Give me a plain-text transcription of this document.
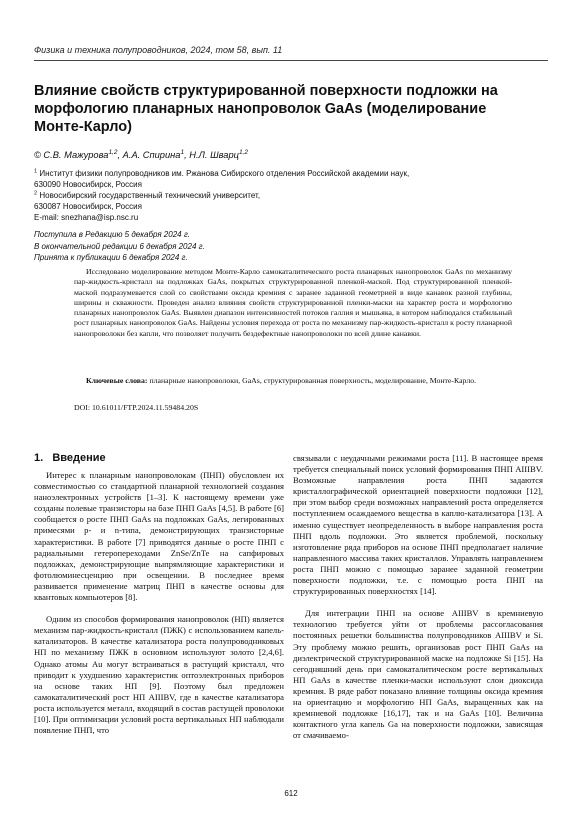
Физика и техника полупроводников, 2024, том 58, вып. 11
Влияние свойств структурированной поверхности подложки на морфологию планарных нанопроволок GaAs (моделирование Монте-Карло)
© С.В. Мажурова$^{1,2}$, А.А. Спирина$^1$, Н.Л. Шварц$^{1,2}$
$^1$ Институт физики полупроводников им. Ржанова Сибирского отделения Российской академии наук,
630090 Новосибирск, Россия
$^2$ Новосибирский государственный технический университет,
630087 Новосибирск, Россия
E-mail: snezhana@isp.nsc.ru
Поступила в Редакцию 5 декабря 2024 г.
В окончательной редакции 6 декабря 2024 г.
Принята к публикации 6 декабря 2024 г.
Исследовано моделирование методом Монте-Карло самокаталитического роста планарных нанопроволок GaAs по механизму пар-жидкость-кристалл на подложках GaAs, покрытых структурированной пленкой-маской. Под структурированной пленкой-маской подразумевается слой со свойствами оксида кремния с заранее заданной геометрией в виде канавок разной глубины, ширины и скважности. Проведен анализ влияния свойств структурированной пленки-маски на характер роста и морфологию планарных нанопроволок GaAs. Выявлен диапазон интенсивностей потоков галлия и мышьяка, в котором наблюдался стабильный рост планарных нанопроволок GaAs. Найдены условия перехода от роста по механизму пар-жидкость-кристалл к росту планарной нанопроволоки без капли, что позволяет получить бездефектные нанопроволоки по всей длине канавки.
Ключевые слова: планарные нанопроволоки, GaAs, структурированная поверхность, моделирование, Монте-Карло.
DOI: 10.61011/FTP.2024.11.59484.20S
1. Введение

Интерес к планарным нанопроволокам (ПНП) обусловлен их совместимостью со стандартной планарной технологией создания наноэлектронных устройств [1–3]. К настоящему времени уже созданы полевые транзисторы на базе ПНП GaAs [4,5]. В работе [6] сообщается о росте ПНП GaAs на подложках GaAs, легированных примесями p- и n-типа, демонстрирующих транзисторные характеристики. В работе [7] приводятся данные о росте ПНП с радиальными гетеропереходами ZnSe/ZnTe на сапфировых подложках, демонстрирующие выпрямляющие характеристики и фотолюминесценцию при освещении. В последнее время развивается применение матриц ПНП в качестве основы для квантовых компьютеров [8].

Одним из способов формирования нанопроволок (НП) является механизм пар-жидкость-кристалл (ПЖК) с использованием капель-катализаторов. В качестве катализатора роста полупроводниковых НП по механизму ПЖК в основном используют золото [2,4,6]. Однако атомы Au могут встраиваться в растущий кристалл, что приводит к ухудшению характеристик оптоэлектронных приборов на основе таких НП [9]. Поэтому был предложен самокаталитический рост НП AIIIBV, где в качестве катализатора роста используется металл, входящий в состав растущей проволоки [10]. При оптимизации условий роста вертикальных НП наблюдали появление ПНП, что

связывали с неудачными режимами роста [11]. В настоящее время требуется специальный поиск условий формирования ПНП AIIIBV. Возможные направления роста ПНП задаются кристаллографической ориентацией поверхности подложки [12], при этом выбор среди возможных направлений роста определяется поступлением осаждаемого вещества в каплю-катализатора [13]. А именно существует неопределенность в выборе направления роста ПНП вдоль подложки. Это является проблемой, поскольку изготовление ряда приборов на основе ПНП предполагает наличие направленного массива таких кристаллов. Управлять направлением роста ПНП можно с помощью заранее заданной геометрии поверхности подложки, т.е. с помощью роста ПНП на структурированных поверхностях [14].

Для интеграции ПНП на основе AIIIBV в кремниевую технологию требуется уйти от проблемы рассогласования постоянных решетки большинства полупроводников AIIIBV и Si. Эту проблему можно решить, организовав рост ПНП GaAs на диэлектрической структурированной маске на подложке Si [15]. На сегодняшний день при самокаталитическом росте вертикальных НП GaAs в качестве пленки-маски используют слои диоксида кремния. В ряде работ показано влияние толщины оксида кремния на ориентацию и морфологию НП GaAs, выращенных как на кремниевой подложке [16,17], так и на GaAs [10]. Величина контактного угла капель Ga на поверхности подложки, зависящая от смачиваемо-

612
